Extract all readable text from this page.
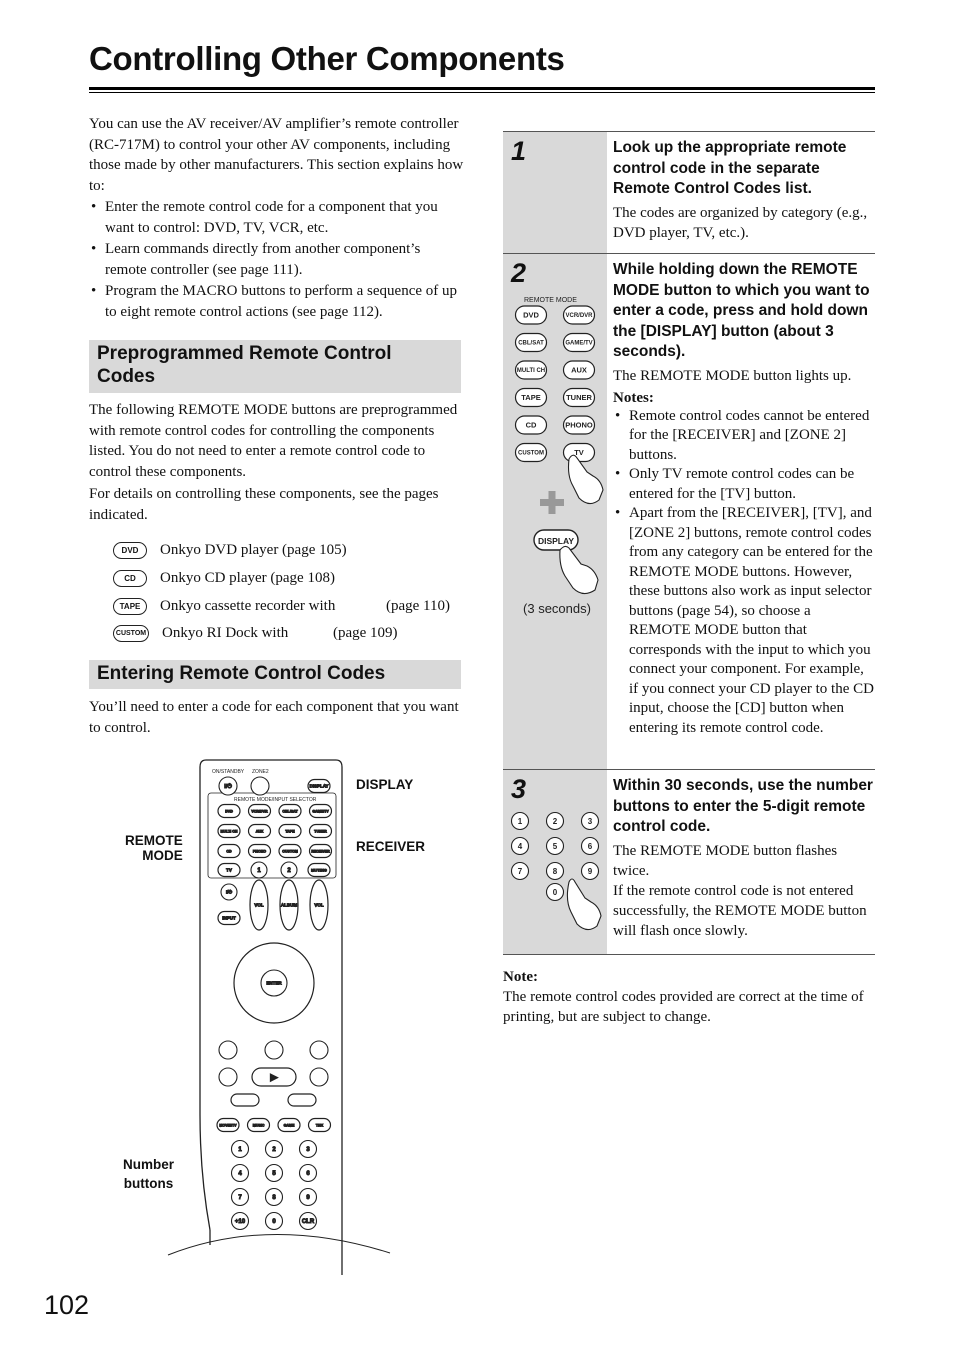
Controlling Other Components
You can use the AV receiver/AV amplifier’s remote controller (RC-717M) to control your other AV components, including those made by other manufacturers. This section explains how to:
• Enter the remote control code for a component that you want to control: DVD, TV, VCR, etc.
• Learn commands directly from another component’s remote controller (see page 111).
• Program the MACRO buttons to perform a sequence of up to eight remote control actions (see page 112).
Preprogrammed Remote Control Codes

The following REMOTE MODE buttons are preprogrammed with remote control codes for controlling the components listed. You do not need to enter a remote control code to control these components.

For details on controlling these components, see the pages indicated.

DVD	Onkyo DVD player (page 105)
CD	Onkyo CD player (page 108)
TAPE	Onkyo cassette recorder with	(page 110)
CUSTOM Onkyo RI Dock with	(page 109)
Entering Remote Control Codes
You’ll need to enter a code for each component that you want to control.
ON/STANDBY ZONE2
REMOTE MODE/INPUT SELECTOR
I/⏻	DISPLAY
DVD	VCR/DVR	CBL/SAT	GAME/TV
MULTI CH	AUX	TAPE	TUNER
CD	PHONO	CUSTOM	RECEIVER
TV	1	2	MUTING
I/⏻
INPUT
VOL	ALBUM	VOL
ENTER
▶
MOVIE/TV	MUSIC	GAME	THX
1	2	3
4	5	6
7	8	9
+10	0	CLR
DISPLAY
RECEIVER
REMOTE
MODE
Number
buttons
1	Look up the appropriate remote control code in the separate Remote Control Codes list.
The codes are organized by category (e.g., DVD player, TV, etc.).
2
REMOTE MODE
DVD	VCR/DVR
CBL/SAT	GAME/TV
MULTI CH	AUX
TAPE	TUNER
CD	PHONO
CUSTOM	TV
DISPLAY
(3 seconds)
While holding down the REMOTE MODE button to which you want to enter a code, press and hold down the [DISPLAY] button (about 3 seconds).
The REMOTE MODE button lights up.
Notes:
• Remote control codes cannot be entered for the [RECEIVER] and [ZONE 2] buttons.
• Only TV remote control codes can be entered for the [TV] button.
• Apart from the [RECEIVER], [TV], and [ZONE 2] buttons, remote control codes from any category can be entered for the REMOTE MODE buttons. However, these buttons also work as input selector buttons (page 54), so choose a REMOTE MODE button that corresponds with the input to which you connect your component. For example, if you connect your CD player to the CD input, choose the [CD] button when entering its remote control code.
3
1	2	3
4	5	6
7	8	9
0
Within 30 seconds, use the number buttons to enter the 5-digit remote control code.
The REMOTE MODE button flashes twice.
If the remote control code is not entered successfully, the REMOTE MODE button will flash once slowly.
Note:
The remote control codes provided are correct at the time of printing, but are subject to change.
102
